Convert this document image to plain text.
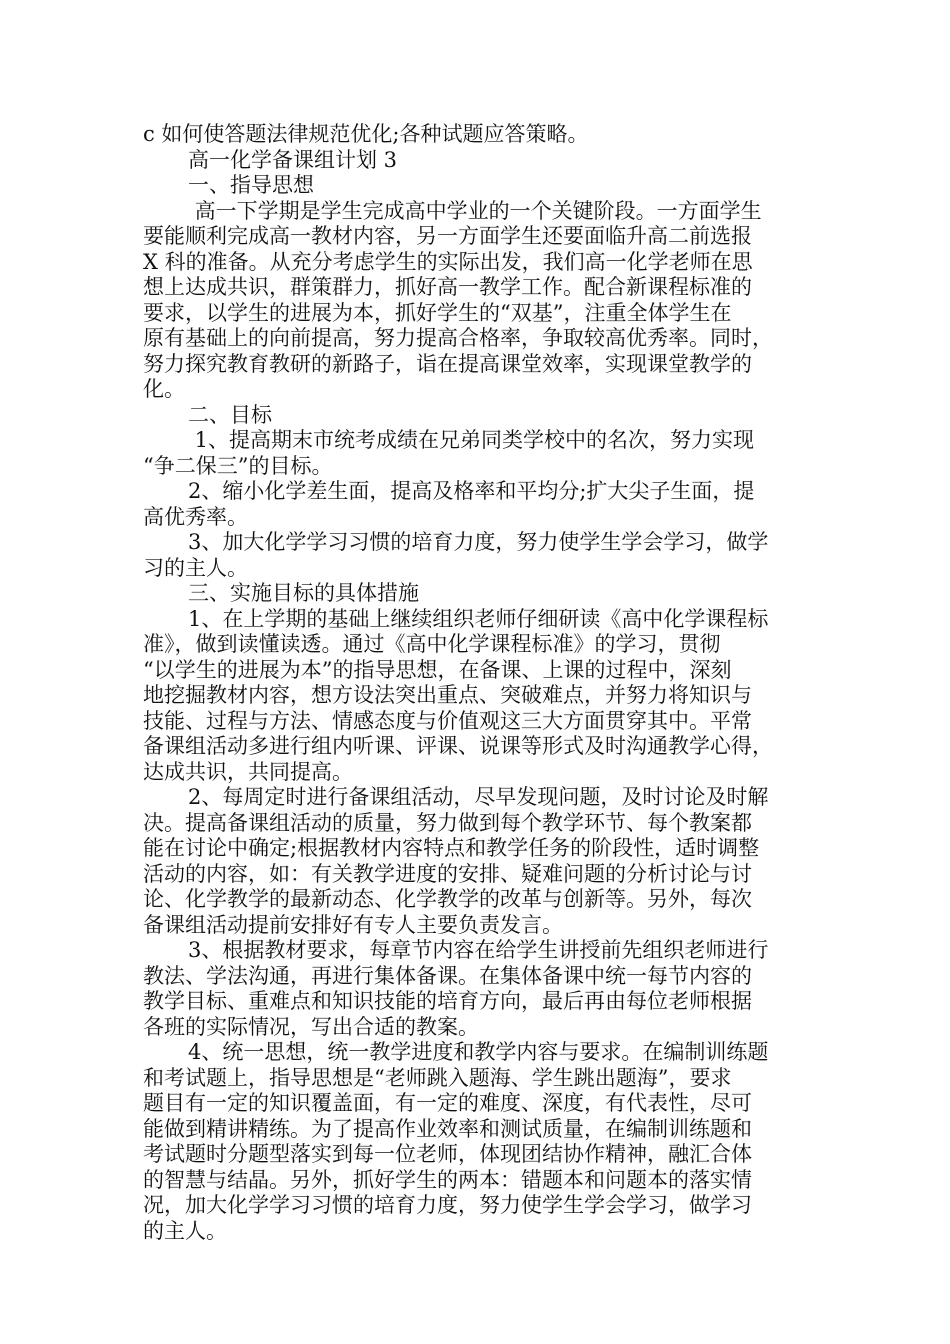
c 如何使答题法律规范优化;各种试题应答策略。
高一化学备课组计划 3
一、指导思想
高一下学期是学生完成高中学业的一个关键阶段。一方面学生
要能顺利完成高一教材内容，另一方面学生还要面临升高二前选报
X 科的准备。从充分考虑学生的实际出发，我们高一化学老师在思
想上达成共识，群策群力，抓好高一教学工作。配合新课程标准的
要求，以学生的进展为本，抓好学生的“双基”，注重全体学生在
原有基础上的向前提高，努力提高合格率，争取较高优秀率。同时，
努力探究教育教研的新路子，诣在提高课堂效率，实现课堂教学的
化。
二、目标
1、提高期末市统考成绩在兄弟同类学校中的名次，努力实现
“争二保三”的目标。
2、缩小化学差生面，提高及格率和平均分;扩大尖子生面，提
高优秀率。
3、加大化学学习习惯的培育力度，努力使学生学会学习，做学
习的主人。
三、实施目标的具体措施
1、在上学期的基础上继续组织老师仔细研读《高中化学课程标
准》，做到读懂读透。通过《高中化学课程标准》的学习，贯彻
“以学生的进展为本”的指导思想，在备课、上课的过程中，深刻
地挖掘教材内容，想方设法突出重点、突破难点，并努力将知识与
技能、过程与方法、情感态度与价值观这三大方面贯穿其中。平常
备课组活动多进行组内听课、评课、说课等形式及时沟通教学心得，
达成共识，共同提高。
2、每周定时进行备课组活动，尽早发现问题，及时讨论及时解
决。提高备课组活动的质量，努力做到每个教学环节、每个教案都
能在讨论中确定;根据教材内容特点和教学任务的阶段性，适时调整
活动的内容，如：有关教学进度的安排、疑难问题的分析讨论与讨
论、化学教学的最新动态、化学教学的改革与创新等。另外，每次
备课组活动提前安排好有专人主要负责发言。
3、根据教材要求，每章节内容在给学生讲授前先组织老师进行
教法、学法沟通，再进行集体备课。在集体备课中统一每节内容的
教学目标、重难点和知识技能的培育方向，最后再由每位老师根据
各班的实际情况，写出合适的教案。
4、统一思想，统一教学进度和教学内容与要求。在编制训练题
和考试题上，指导思想是“老师跳入题海、学生跳出题海”，要求
题目有一定的知识覆盖面，有一定的难度、深度，有代表性，尽可
能做到精讲精练。为了提高作业效率和测试质量，在编制训练题和
考试题时分题型落实到每一位老师，体现团结协作精神，融汇合体
的智慧与结晶。另外，抓好学生的两本：错题本和问题本的落实情
况，加大化学学习习惯的培育力度，努力使学生学会学习，做学习
的主人。
